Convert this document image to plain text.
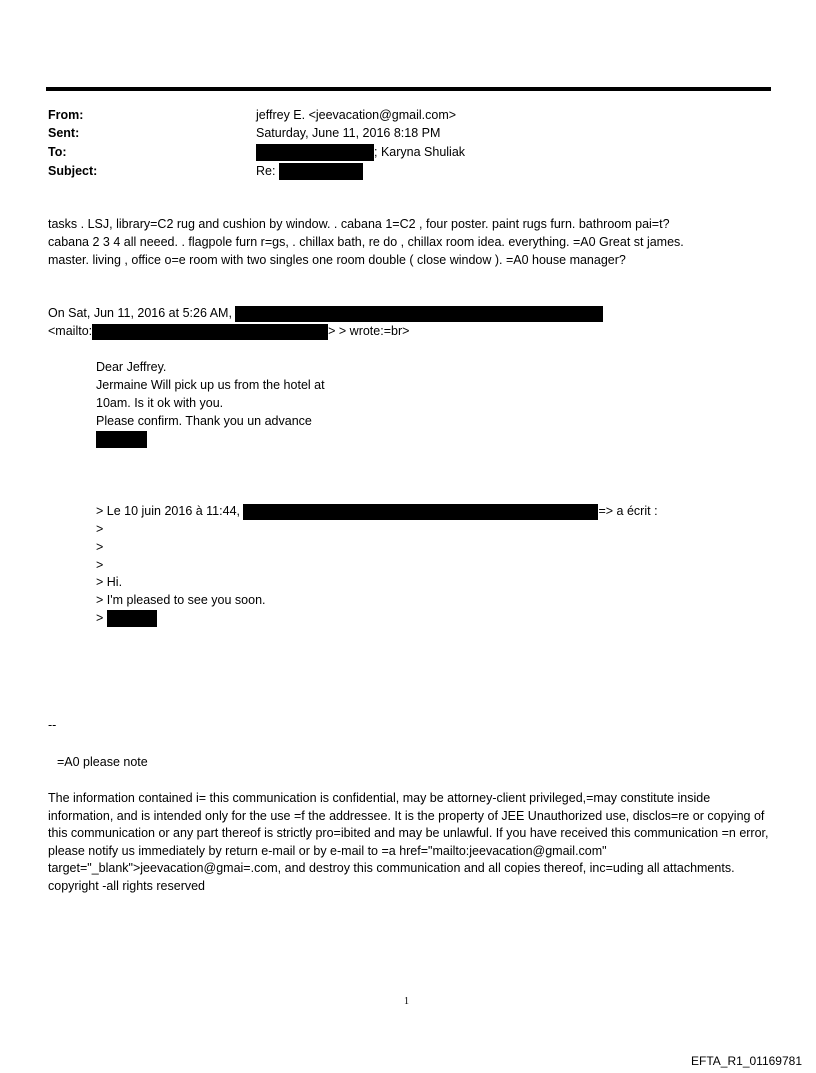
From:	jeffrey E. <jeevacation@gmail.com>
Sent:	Saturday, June 11, 2016 8:18 PM
To:	; Karyna Shuliak
Subject:	Re:
tasks . LSJ, library=C2 rug and cushion by window. . cabana 1=C2 , four poster. paint rugs furn. bathroom pai=t?
cabana 2 3 4 all neeed. . flagpole furn r=gs, . chillax bath, re do , chillax room idea. everything. =A0 Great st james.
master. living , office o=e room with two singles one room double ( close window ). =A0 house manager?
On Sat, Jun 11, 2016 at 5:26 AM,
<mailto:	> > wrote:=br>
Dear Jeffrey.
Jermaine Will pick up us from the hotel at
10am. Is it ok with you.
Please confirm. Thank you un advance
> Le 10 juin 2016 à 11:44,	=> a écrit :
>
>
>
> Hi.
> I'm pleased to see you soon.
>
--
=A0 please note
The information contained i= this communication is confidential, may be attorney-client privileged,=may constitute inside information, and is intended only for the use =f the addressee. It is the property of JEE Unauthorized use, disclos=re or copying of this communication or any part thereof is strictly pro=ibited and may be unlawful. If you have received this communication =n error, please notify us immediately by return e-mail or by e-mail to =a href="mailto:jeevacation@gmail.com" target="_blank">jeevacation@gmai=.com, and destroy this communication and all copies thereof, inc=uding all attachments. copyright -all rights reserved
1
EFTA_R1_01169781
